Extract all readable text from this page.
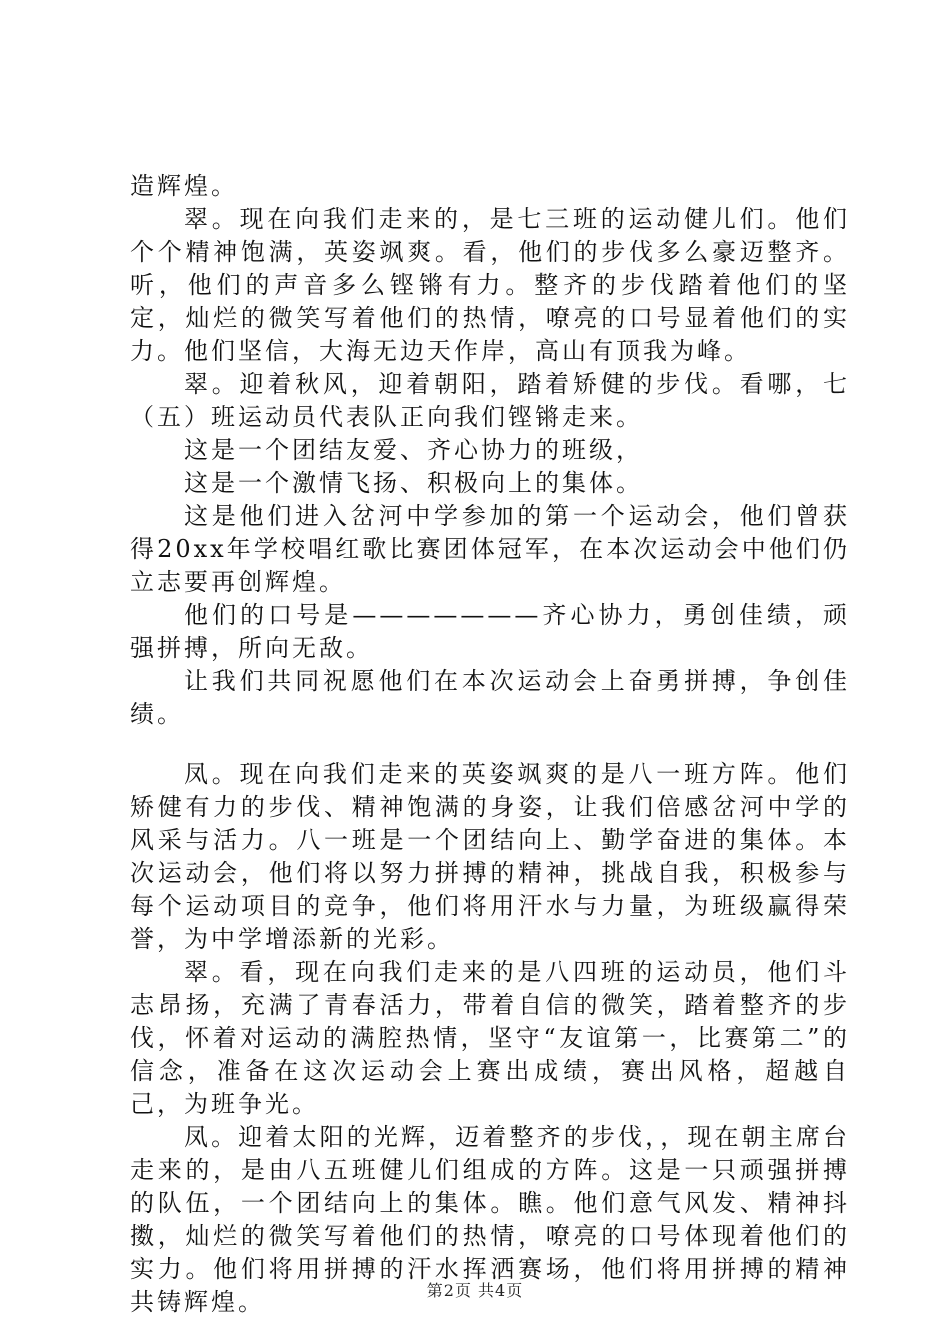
造辉煌。

翠。现在向我们走来的，是七三班的运动健儿们。他们个个精神饱满，英姿飒爽。看，他们的步伐多么豪迈整齐。听，他们的声音多么铿锵有力。整齐的步伐踏着他们的坚定，灿烂的微笑写着他们的热情，嘹亮的口号显着他们的实力。他们坚信，大海无边天作岸，高山有顶我为峰。

翠。迎着秋风，迎着朝阳，踏着矫健的步伐。看哪，七（五）班运动员代表队正向我们铿锵走来。

这是一个团结友爱、齐心协力的班级，

这是一个激情飞扬、积极向上的集体。

这是他们进入岔河中学参加的第一个运动会，他们曾获得20xx年学校唱红歌比赛团体冠军，在本次运动会中他们仍立志要再创辉煌。

他们的口号是———————齐心协力，勇创佳绩，顽强拼搏，所向无敌。

让我们共同祝愿他们在本次运动会上奋勇拼搏，争创佳绩。

凤。现在向我们走来的英姿飒爽的是八一班方阵。他们矫健有力的步伐、精神饱满的身姿，让我们倍感岔河中学的风采与活力。八一班是一个团结向上、勤学奋进的集体。本次运动会，他们将以努力拼搏的精神，挑战自我，积极参与每个运动项目的竞争，他们将用汗水与力量，为班级赢得荣誉，为中学增添新的光彩。

翠。看，现在向我们走来的是八四班的运动员，他们斗志昂扬，充满了青春活力，带着自信的微笑，踏着整齐的步伐，怀着对运动的满腔热情，坚守“友谊第一，比赛第二”的信念，准备在这次运动会上赛出成绩，赛出风格，超越自己，为班争光。

凤。迎着太阳的光辉，迈着整齐的步伐，，现在朝主席台走来的，是由八五班健儿们组成的方阵。这是一只顽强拼搏的队伍，一个团结向上的集体。瞧。他们意气风发、精神抖擞，灿烂的微笑写着他们的热情，嘹亮的口号体现着他们的实力。他们将用拼搏的汗水挥洒赛场，他们将用拼搏的精神共铸辉煌。	第2页 共4页
